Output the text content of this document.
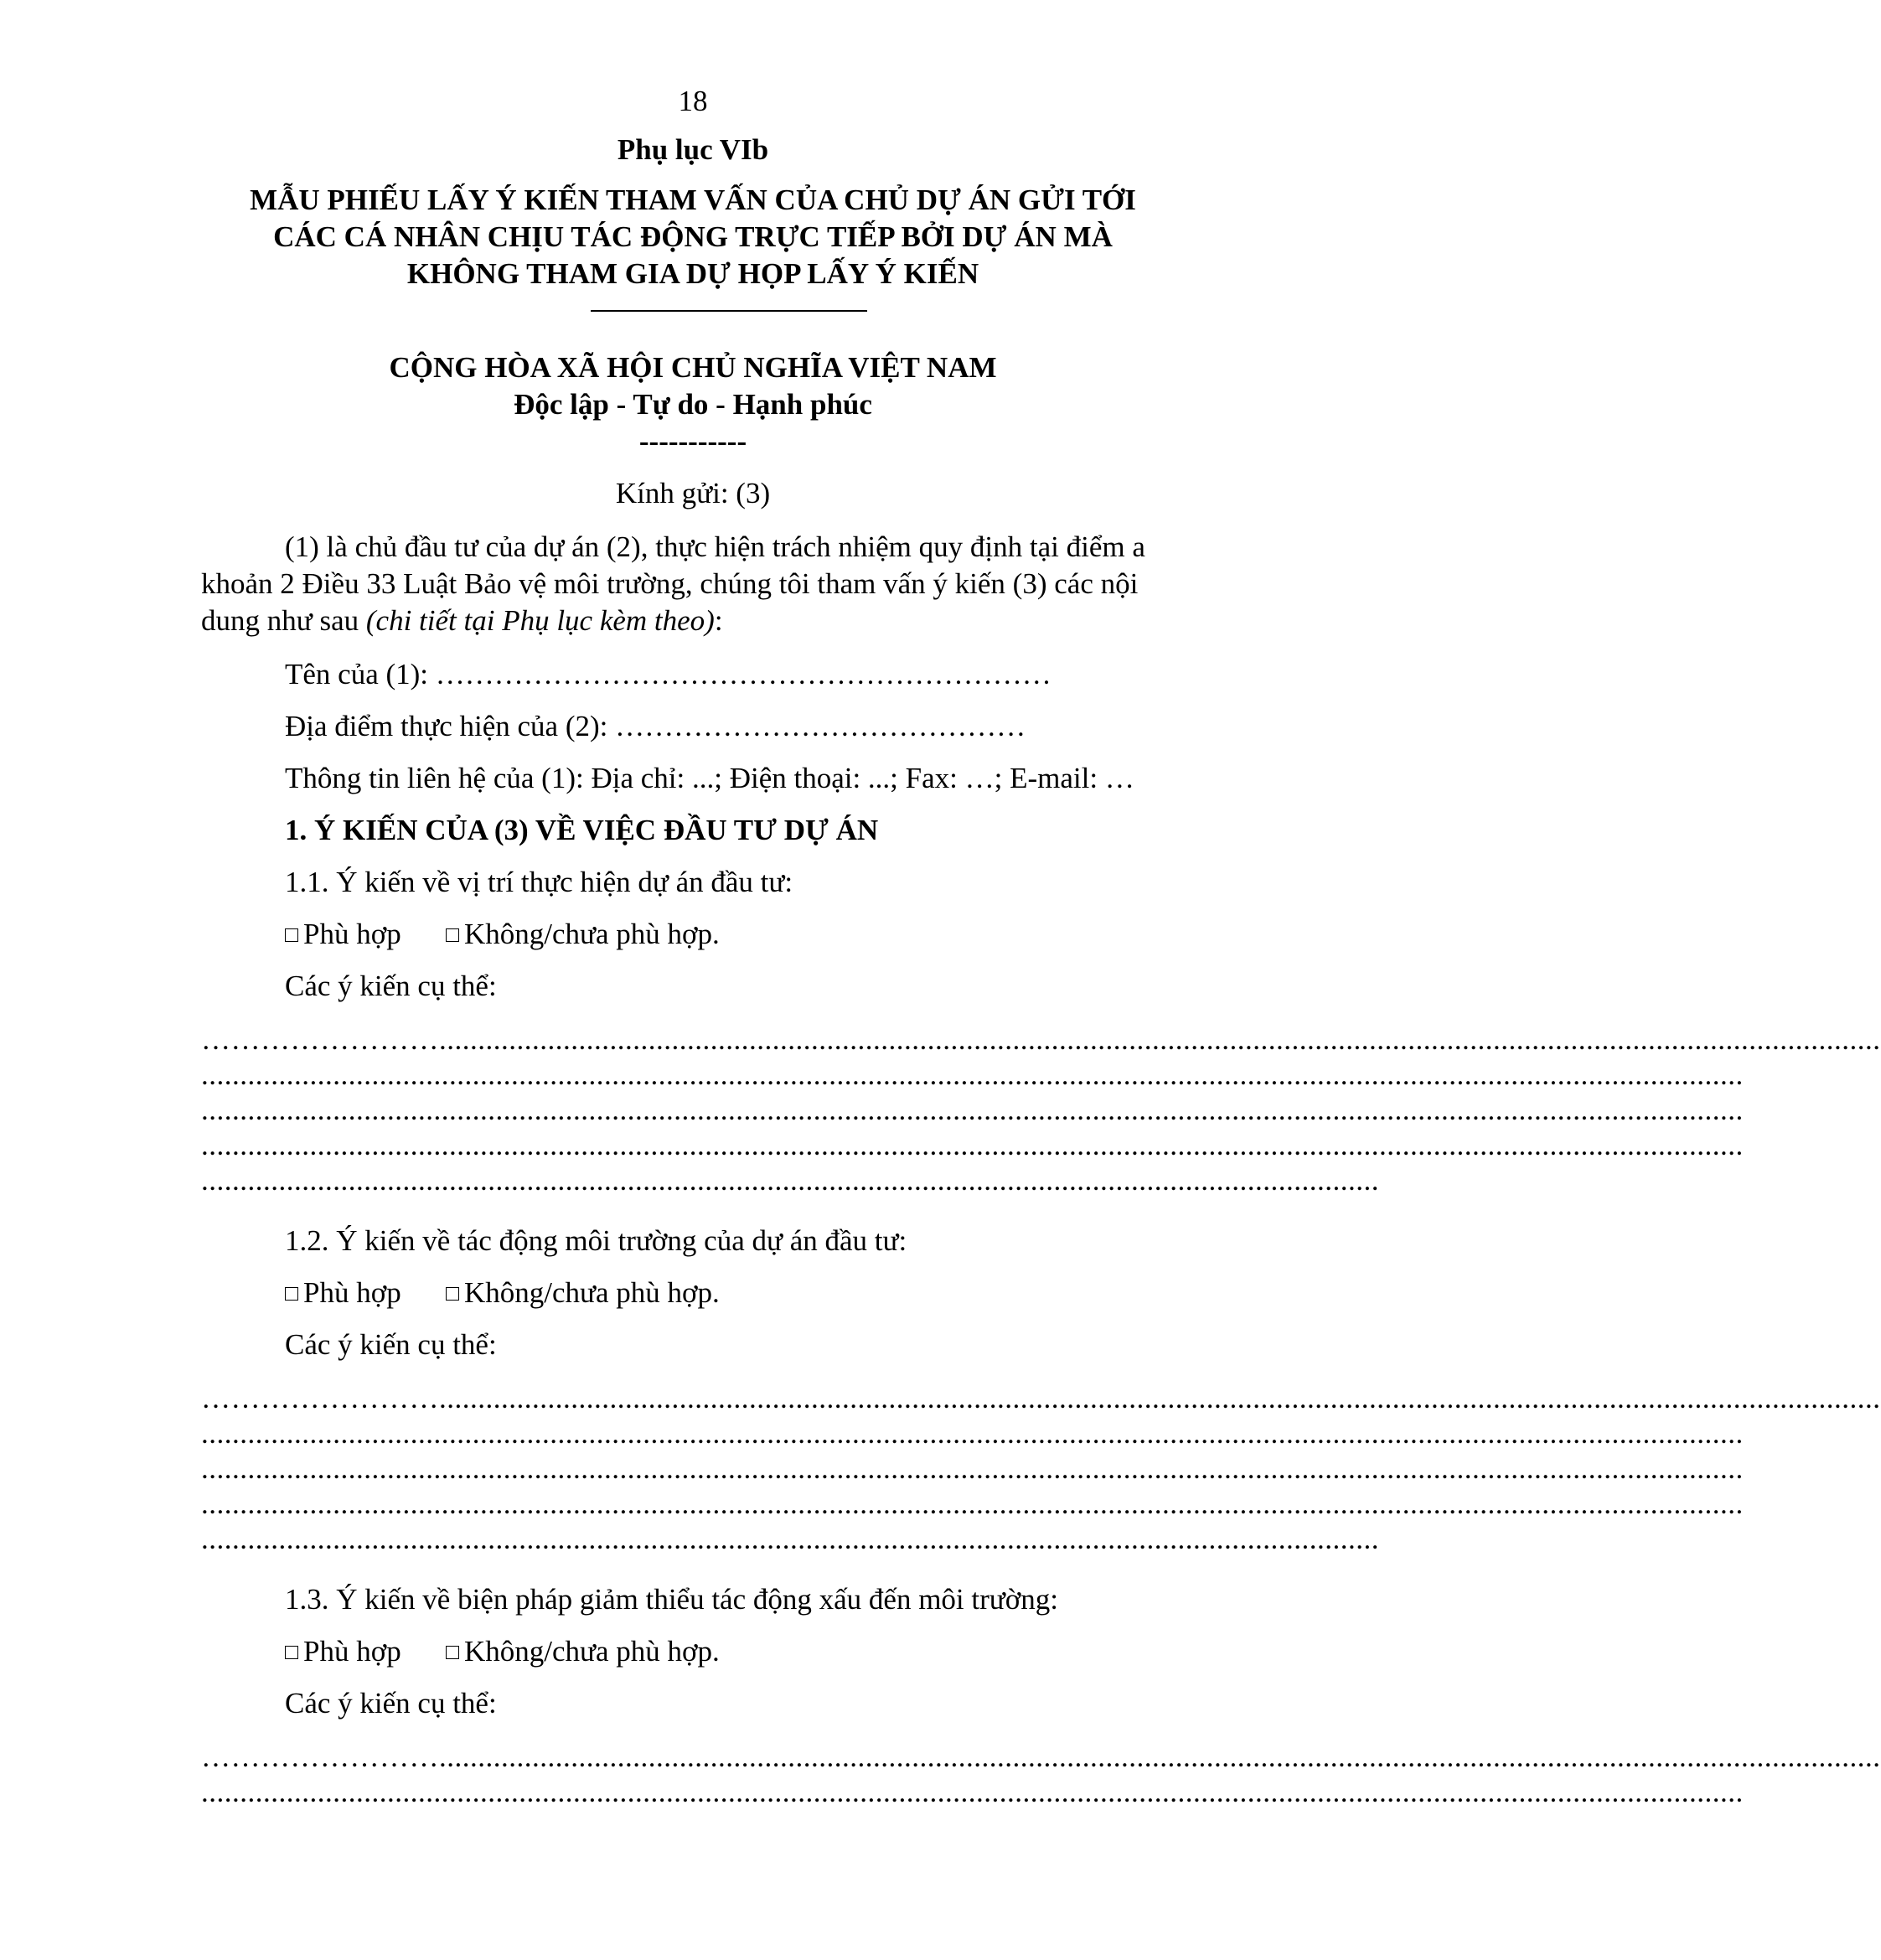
18
Phụ lục VIb
MẪU PHIẾU LẤY Ý KIẾN THAM VẤN CỦA CHỦ DỰ ÁN GỬI TỚI
CÁC CÁ NHÂN CHỊU TÁC ĐỘNG TRỰC TIẾP BỞI DỰ ÁN MÀ
KHÔNG THAM GIA DỰ HỌP LẤY Ý KIẾN
CỘNG HÒA XÃ HỘI CHỦ NGHĨA VIỆT NAM
Độc lập - Tự do - Hạnh phúc
-----------
Kính gửi: (3)
(1) là chủ đầu tư của dự án (2), thực hiện trách nhiệm quy định tại điểm a
khoản 2 Điều 33 Luật Bảo vệ môi trường, chúng tôi tham vấn ý kiến (3) các nội
dung như sau (chi tiết tại Phụ lục kèm theo):
Tên của (1): ………………………………………………………
Địa điểm thực hiện của (2): ……………………………………
Thông tin liên hệ của (1): Địa chỉ: ...; Điện thoại: ...; Fax: …; E-mail: …
1. Ý KIẾN CỦA (3) VỀ VIỆC ĐẦU TƯ DỰ ÁN
1.1. Ý kiến về vị trí thực hiện dự án đầu tư:
Phù hợp	Không/chưa phù hợp.
Các ý kiến cụ thể:
……………………..........................................................................................................................................................................................
.......................................................................................................................................................................................................
.......................................................................................................................................................................................................
.......................................................................................................................................................................................................
........................................................................................................................................................
1.2. Ý kiến về tác động môi trường của dự án đầu tư:
Phù hợp	Không/chưa phù hợp.
Các ý kiến cụ thể:
……………………..........................................................................................................................................................................................
.......................................................................................................................................................................................................
.......................................................................................................................................................................................................
.......................................................................................................................................................................................................
........................................................................................................................................................
1.3. Ý kiến về biện pháp giảm thiểu tác động xấu đến môi trường:
Phù hợp	Không/chưa phù hợp.
Các ý kiến cụ thể:
……………………..........................................................................................................................................................................................
.......................................................................................................................................................................................................
